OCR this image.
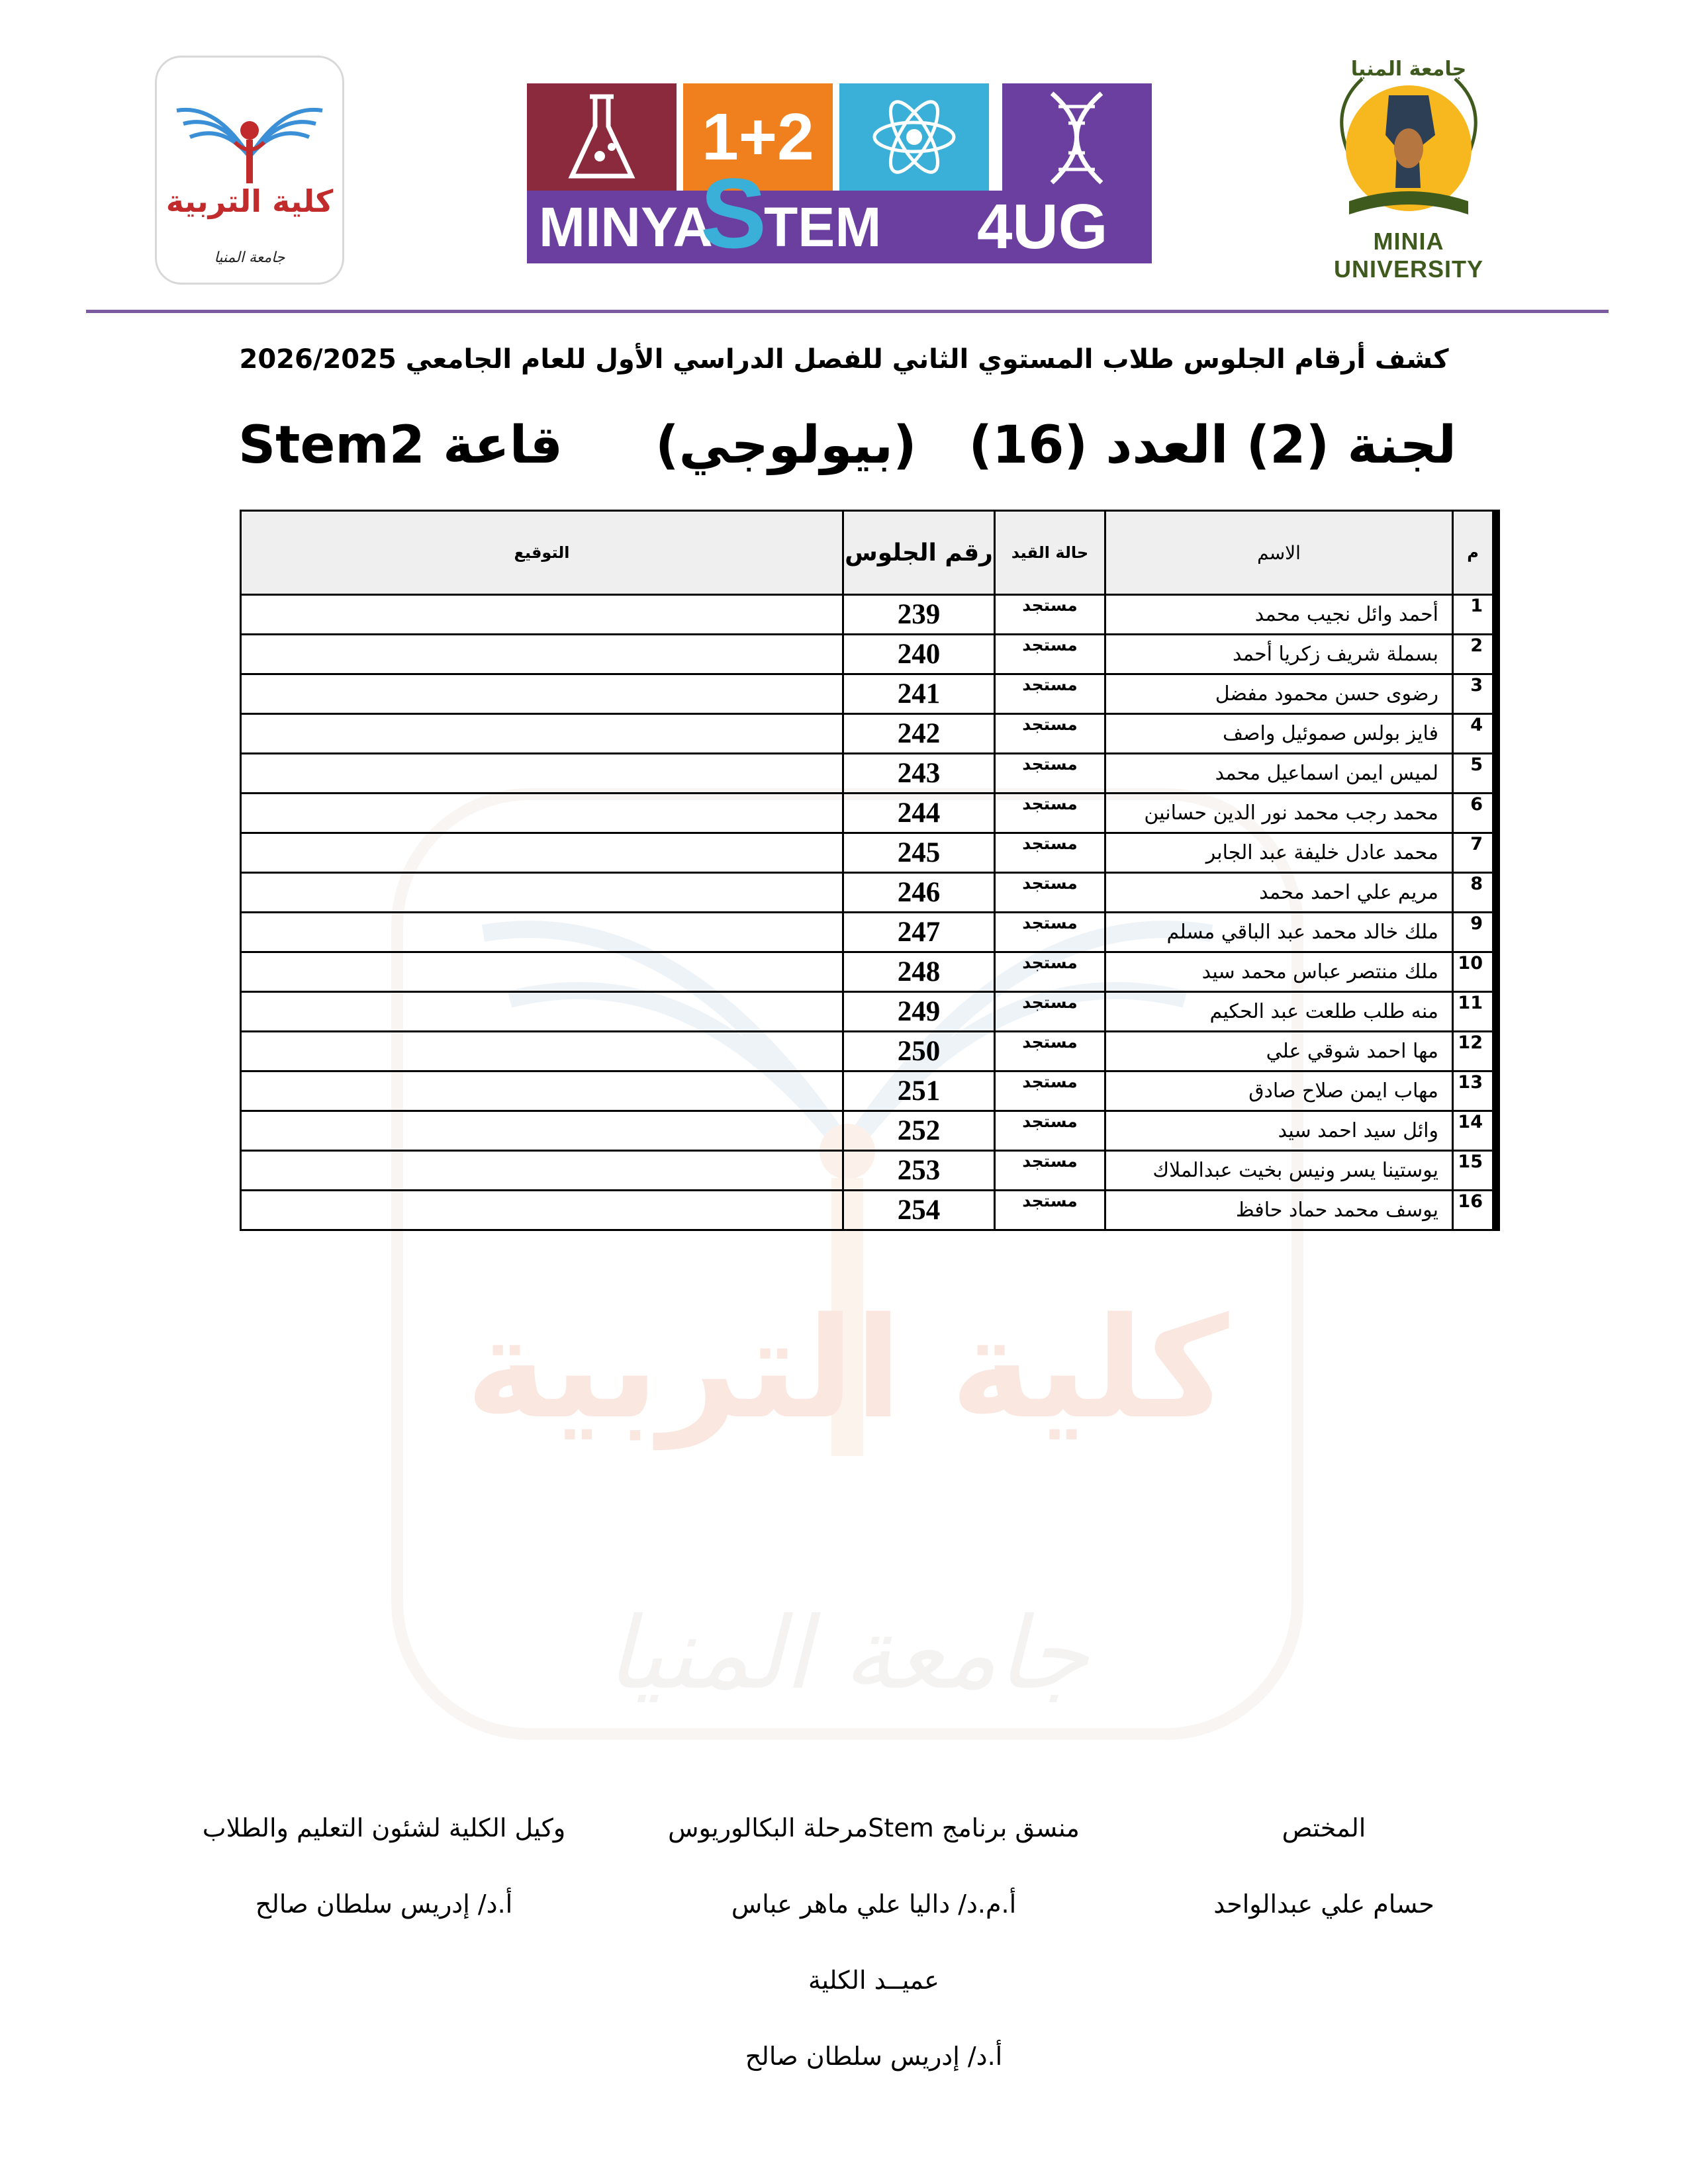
كلية التربية
جامعة المنيا
1+2
MINYA
S
TEM 4UG
جامعة المنيا
MINIA UNIVERSITY
كلية التربية
جامعة المنيا
كشف أرقام الجلوس طلاب المستوي الثاني للفصل الدراسي الأول للعام الجامعي 2026/2025
لجنة (2) العدد (16)
(بيولوجي)
قاعة Stem2
م	الاسم	حالة القيد	رقم الجلوس	التوقيع
1	أحمد وائل نجيب محمد	مستجد	239	
2	بسملة شريف زكريا أحمد	مستجد	240	
3	رضوى حسن محمود مفضل	مستجد	241	
4	فايز بولس صموئيل واصف	مستجد	242	
5	لميس ايمن اسماعيل محمد	مستجد	243	
6	محمد رجب محمد نور الدين حسانين	مستجد	244	
7	محمد عادل خليفة عبد الجابر	مستجد	245	
8	مريم علي احمد محمد	مستجد	246	
9	ملك خالد محمد عبد الباقي مسلم	مستجد	247	
10	ملك منتصر عباس محمد سيد	مستجد	248	
11	منه طلب طلعت عبد الحكيم	مستجد	249	
12	مها احمد شوقي علي	مستجد	250	
13	مهاب ايمن صلاح صادق	مستجد	251	
14	وائل سيد احمد سيد	مستجد	252	
15	يوستينا يسر ونيس بخيت عبدالملاك	مستجد	253	
16	يوسف محمد حماد حافظ	مستجد	254	
المختص
حسام علي عبدالواحد
منسق برنامج Stemمرحلة البكالوريوس
أ.م.د/ داليا علي ماهر عباس
وكيل الكلية لشئون التعليم والطلاب
أ.د/ إدريس سلطان صالح
عميــد الكلية
أ.د/ إدريس سلطان صالح
